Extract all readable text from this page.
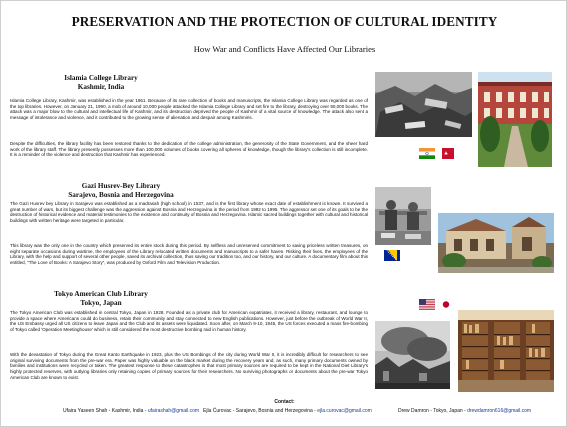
PRESERVATION AND THE PROTECTION OF CULTURAL IDENTITY
How War and Conflicts Have Affected Our Libraries
Islamia College Library
Kashmir, India

Islamia College Library, Kashmir, was established in the year 1961. Because of its rare collection of books and manuscripts, the Islamia College Library was regarded as one of the top libraries. However, on January 21, 1990, a mob of around 10,000 people attacked the Islamia College Library and set fire to the library, destroying over 90,000 books. The attack was a major blow to the cultural and intellectual life of Kashmir, and its destruction deprived the people of Kashmir of a vital source of knowledge. The attack also sent a message of intolerance and violence, and it contributed to the growing sense of alienation and despair among Kashmiris.

Despite the difficulties, the library facility has been restored thanks to the dedication of the college administration, the generosity of the State Government, and the sheer hard work of the library staff. The library presently possesses more than 100,000 volumes of books covering all spheres of knowledge, though the library's collection is still incomplete. It is a reminder of the violence and destruction that Kashmir has experienced.

Gazi Husrev-Bey Library
Sarajevo, Bosnia and Herzegovina

The Gazi Husrev bey Library in Sarajevo was established as a madrasah (high school) in 1537, and is the first library whose exact date of establishment is known. It survived a great number of wars, but its biggest challenge was the aggression against Bosnia and Herzegovina in the period from 1992 to 1995. The aggressor set one of its goals to be the destruction of historical evidence and material testimonies to the existence and continuity of Bosnia and Herzegovina. Islamic sacred buildings together with cultural and historical buildings with written heritage were targeted in particular.

This library was the only one in the country which preserved its entire stock during this period. By selfless and unreserved commitment to saving priceless written treasures, on eight separate occasions during wartime, the employees of the Library relocated written documents and manuscripts to a safer haven. Risking their lives, the employees of the Library, with the help and support of several other people, saved its archival collection, thus saving our tradition too, and our history, and our culture. A documentary film about this entitled, “The Love of Books: A Sarajevo Story”, was produced by Oxford Film and Television Production.

Tokyo American Club Library
Tokyo, Japan

The Tokyo American Club was established in central Tokyo, Japan in 1928. Founded as a private club for American expatriates, it received a library, restaurant, and lounge to provide a space where Americans could do business, retain their community and stay connected to new English publications. However, just before the outbreak of World War II, the US Embassy urged all US citizens to leave Japan and the Club and its assets were liquidated. Soon after, on March 9-10, 1945, the US forces executed a mass fire-bombing of Tokyo called 'Operation Meetinghouse' which is still considered the most destructive bombing raid in human history.

With the devastation of Tokyo during the Great Kanto Earthquake in 1923, plus the US Bombings of the city during World War II, it is incredibly difficult for researchers to see original surviving documents from the pre-war era. Paper was highly valuable on the black market during the recovery years and, as such, many primary documents owned by families and institutions were recycled or taken. The greatest response to these catastrophes is that most primary sources are required to be kept in the National Diet Library's highly protected reserves, with outlying libraries only retaining copies of primary sources for their researchers. No surviving photographs or documents about the pre-war Tokyo American Club are known to exist.

Contact:
Ufaira Yaseen Shah - Kashmir, India - ufairashah@gmail.com Ejla Ćurovac - Sarajevo, Bosnia and Herzegovina - ejla.curovac@gmail.com	Drew Damron - Tokyo, Japan - drewdamron616@gmail.com
